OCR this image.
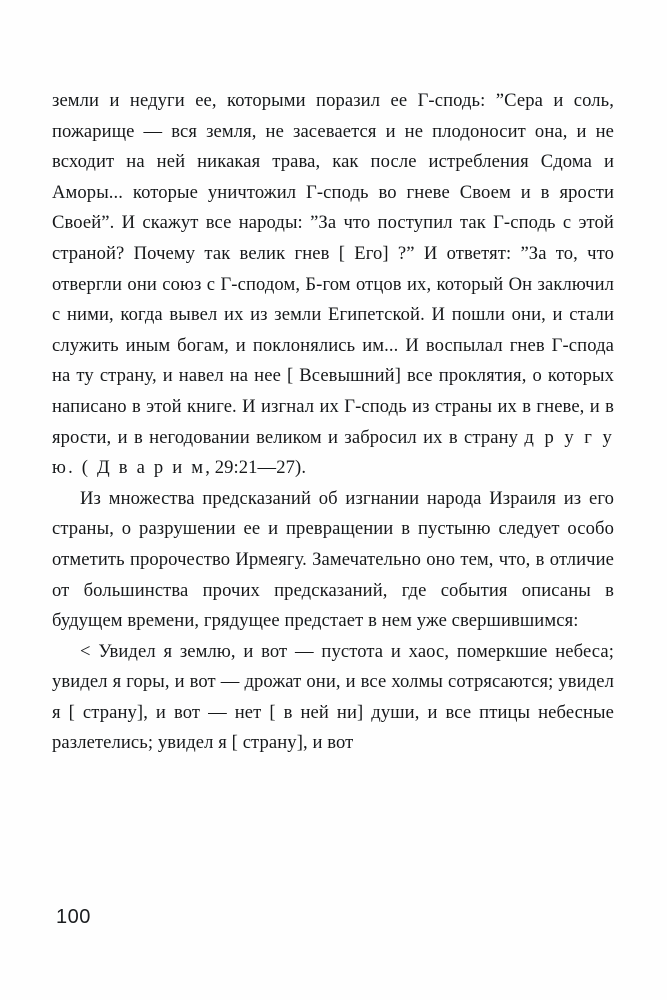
земли и недуги ее, которыми поразил ее Г-сподь: ”Сера и соль, пожарище — вся земля, не засевается и не плодоносит она, и не всходит на ней никакая трава, как после истребления Сдома и Аморы... которые уничтожил Г-сподь во гневе Своем и в ярости Своей”. И скажут все народы: ”За что поступил так Г-сподь с этой страной? Почему так велик гнев [ Его] ?” И ответят: ”За то, что отвергли они союз с Г-сподом, Б-гом отцов их, который Он заключил с ними, когда вывел их из земли Египетской. И пошли они, и стали служить иным богам, и поклонялись им... И воспылал гнев Г-спода на ту страну, и навел на нее [ Всевышний] все проклятия, о которых написано в этой книге. И изгнал их Г-сподь из страны их в гневе, и в ярости, и в негодовании великом и забросил их в страну д р у г у ю. ( Д в а р и м, 29:21—27).

Из множества предсказаний об изгнании народа Израиля из его страны, о разрушении ее и превращении в пустыню следует особо отметить пророчество Ирмеягу. Замечательно оно тем, что, в отличие от большинства прочих предсказаний, где события описаны в будущем времени, грядущее предстает в нем уже свершившимся:

< Увидел я землю, и вот — пустота и хаос, померкшие небеса; увидел я горы, и вот — дрожат они, и все холмы сотрясаются; увидел я [ страну], и вот — нет [ в ней ни] души, и все птицы небесные разлетелись; увидел я [ страну], и вот

100
